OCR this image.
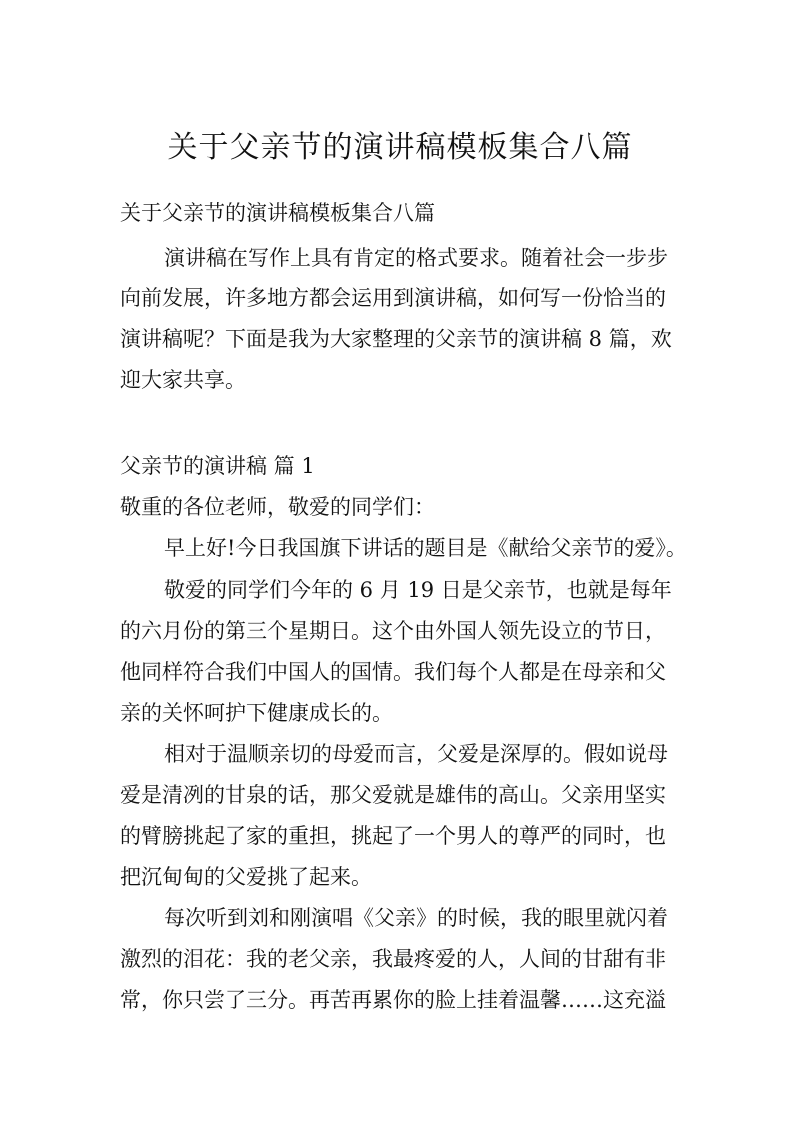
关于父亲节的演讲稿模板集合八篇

关于父亲节的演讲稿模板集合八篇

演讲稿在写作上具有肯定的格式要求。随着社会一步步

向前发展，许多地方都会运用到演讲稿，如何写一份恰当的

演讲稿呢？下面是我为大家整理的父亲节的演讲稿 8 篇，欢

迎大家共享。

父亲节的演讲稿 篇 1

敬重的各位老师，敬爱的同学们：

早上好!今日我国旗下讲话的题目是《献给父亲节的爱》。

敬爱的同学们今年的 6 月 19 日是父亲节，也就是每年

的六月份的第三个星期日。这个由外国人领先设立的节日，

他同样符合我们中国人的国情。我们每个人都是在母亲和父

亲的关怀呵护下健康成长的。

相对于温顺亲切的母爱而言，父爱是深厚的。假如说母

爱是清冽的甘泉的话，那父爱就是雄伟的高山。父亲用坚实

的臂膀挑起了家的重担，挑起了一个男人的尊严的同时，也

把沉甸甸的父爱挑了起来。

每次听到刘和刚演唱《父亲》的时候，我的眼里就闪着

激烈的泪花：我的老父亲，我最疼爱的人，人间的甘甜有非

常，你只尝了三分。再苦再累你的脸上挂着温馨……这充溢
